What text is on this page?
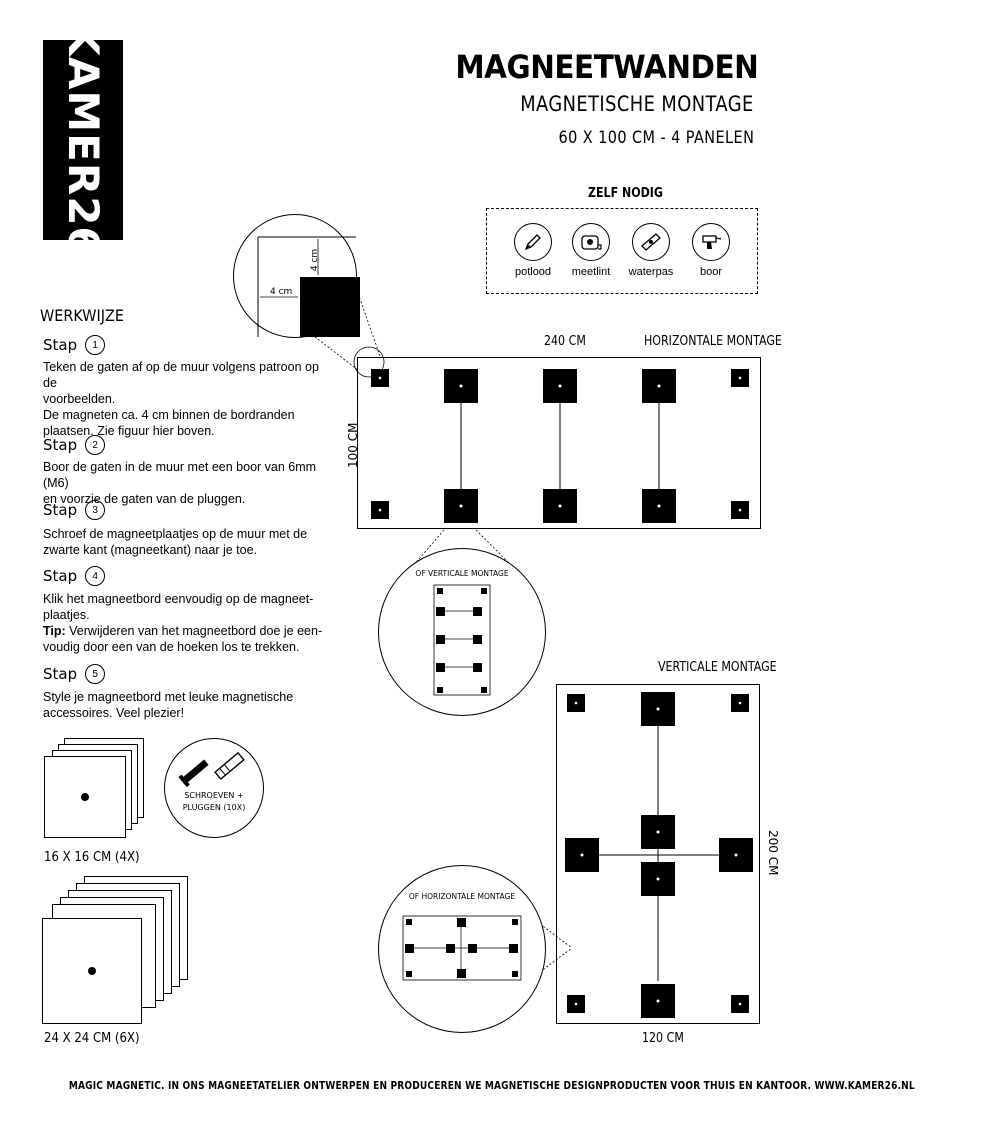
KAMER26	MAGNEETWANDEN
MAGNETISCHE MONTAGE
60 X 100 CM - 4 PANELEN
ZELF NODIG
potlood	meetlint	waterpas	boor
4 cm
4 cm
WERKWIJZE
Stap	1

Teken de gaten af op de muur volgens patroon op de

voorbeelden.

De magneten ca. 4 cm binnen de bordranden

plaatsen. Zie figuur hier boven.

Stap	2

Boor de gaten in de muur met een boor van 6mm (M6)

en voorzie de gaten van de pluggen.

Stap	3

Schroef de magneetplaatjes op de muur met de

zwarte kant (magneetkant) naar je toe.

Stap	4

Klik het magneetbord eenvoudig op de magneet-

plaatjes.

Tip: Verwijderen van het magneetbord doe je een-

voudig door een van de hoeken los te trekken.

Stap	5

Style je magneetbord met leuke magnetische

accessoires. Veel plezier!

240 CM	HORIZONTALE MONTAGE
100 CM
OF VERTICALE MONTAGE
VERTICALE MONTAGE
200 CM
120 CM
OF HORIZONTALE MONTAGE
SCHROEVEN +
PLUGGEN (10X)
16 X 16 CM (4X)
24 X 24 CM (6X)
MAGIC MAGNETIC. IN ONS MAGNEETATELIER ONTWERPEN EN PRODUCEREN WE MAGNETISCHE DESIGNPRODUCTEN VOOR THUIS EN KANTOOR. WWW.KAMER26.NL
